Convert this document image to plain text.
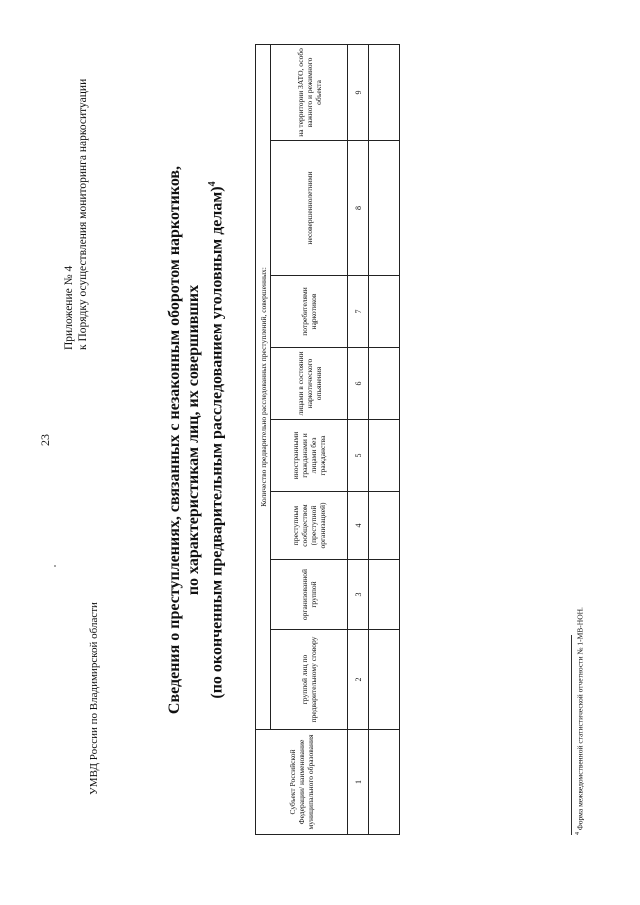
23
УМВД России по Владимирской области
Приложение № 4 к Порядку осуществления мониторинга наркоситуации	Сведения о преступлениях, связанных с незаконным оборотом наркотиков, по характеристикам лиц, их совершивших (по оконченным предварительным расследованием уголовным делам)$^4$
Субъект Российской Федерации/ наименование муниципального образования	Количество предварительно расследованных преступлений, совершенных:							
	группой лиц по предварительному сговору	организованной группой	преступным сообществом (преступной организацией)	иностранными гражданами и лицами без гражданства	лицами в состоянии наркотического опьянения	потребителями наркотиков	несовершеннолетними	на территории ЗАТО, особо важного и режимного объекта
1	2	3	4	5	6	7	8	9

$^4$ Форма межведомственной статистической отчетности № 1-МВ-НОН.
